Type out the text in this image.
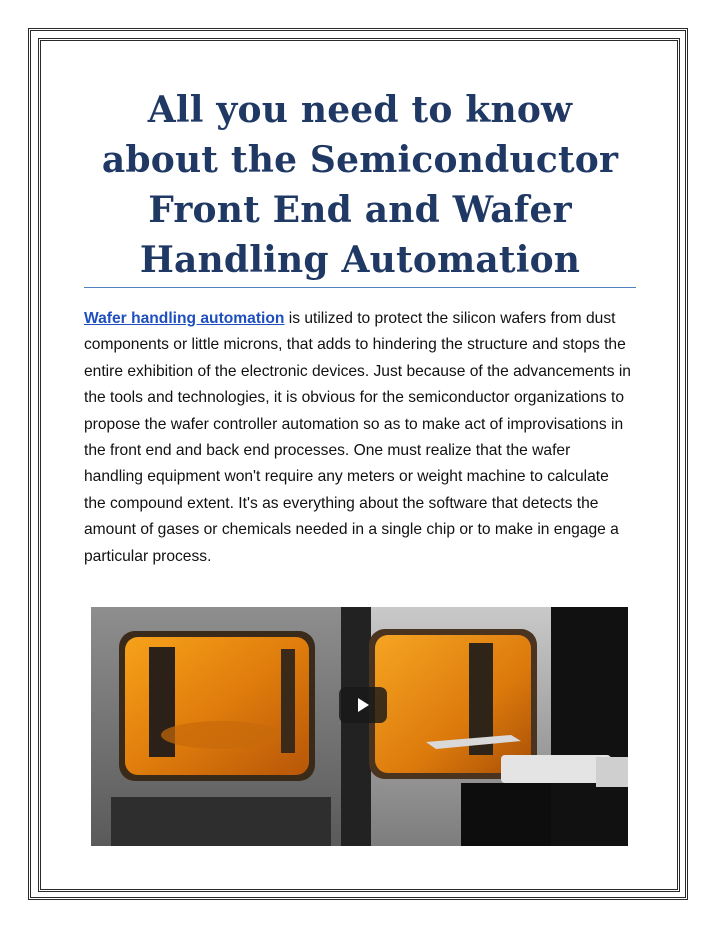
All you need to know about the Semiconductor Front End and Wafer Handling Automation

Wafer handling automation is utilized to protect the silicon wafers from dust components or little microns, that adds to hindering the structure and stops the entire exhibition of the electronic devices. Just because of the advancements in the tools and technologies, it is obvious for the semiconductor organizations to propose the wafer controller automation so as to make act of improvisations in the front end and back end processes. One must realize that the wafer handling equipment won't require any meters or weight machine to calculate the compound extent. It's as everything about the software that detects the amount of gases or chemicals needed in a single chip or to make in engage a particular process.
